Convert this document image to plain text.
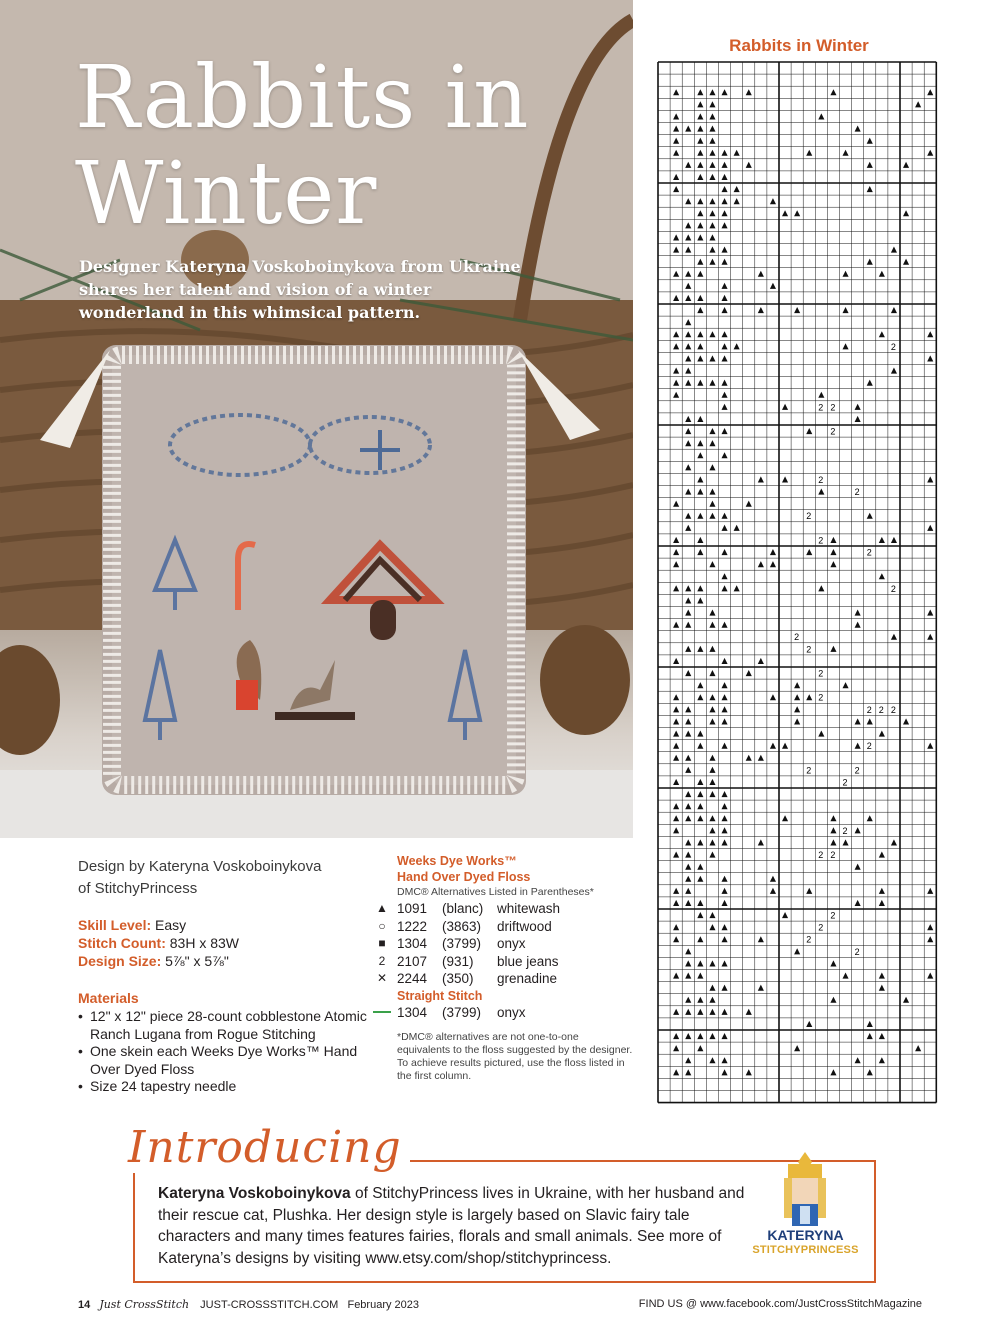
Rabbits in
Winter

Designer Kateryna Voskoboinykova from Ukraine shares her talent and vision of a winter wonderland in this whimsical pattern.

Design by Kateryna Voskoboinykova
of StitchyPrincess
Skill Level: Easy
Stitch Count: 83H x 83W
Design Size: 5⅞" x 5⅞"
Materials
• 12" x 12" piece 28-count cobblestone Atomic Ranch Lugana from Rogue Stitching
• One skein each Weeks Dye Works™ Hand Over Dyed Floss
• Size 24 tapestry needle
Weeks Dye Works™
Hand Over Dyed Floss
DMC® Alternatives Listed in Parentheses*
▲ 1091	(blanc)	whitewash
○ 1222	(3863)	driftwood
■ 1304	(3799)	onyx
2 2107	(931)	blue jeans
✕ 2244	(350)	grenadine
Straight Stitch
1304	(3799)	onyx
*DMC® alternatives are not one-to-one equivalents to the floss suggested by the designer. To achieve results pictured, use the floss listed in the first column.
Rabbits in Winter
2
2 2
2
2
2
2
2
2
2
2
2
2
2
2 2 2
2
2	2
2
2
2 2
2
2
2
2
Introducing

Kateryna Voskoboinykova of StitchyPrincess lives in Ukraine, with her husband and their rescue cat, Plushka. Her design style is largely based on Slavic fairy tale characters and many times features fairies, florals and small animals. See more of Kateryna’s designs by visiting www.etsy.com/shop/stitchyprincess.

KATERYNA
STITCHYPRINCESS
14 Just CrossStitch JUST-CROSSSTITCH.COM February 2023	FIND US @ www.facebook.com/JustCrossStitchMagazine
